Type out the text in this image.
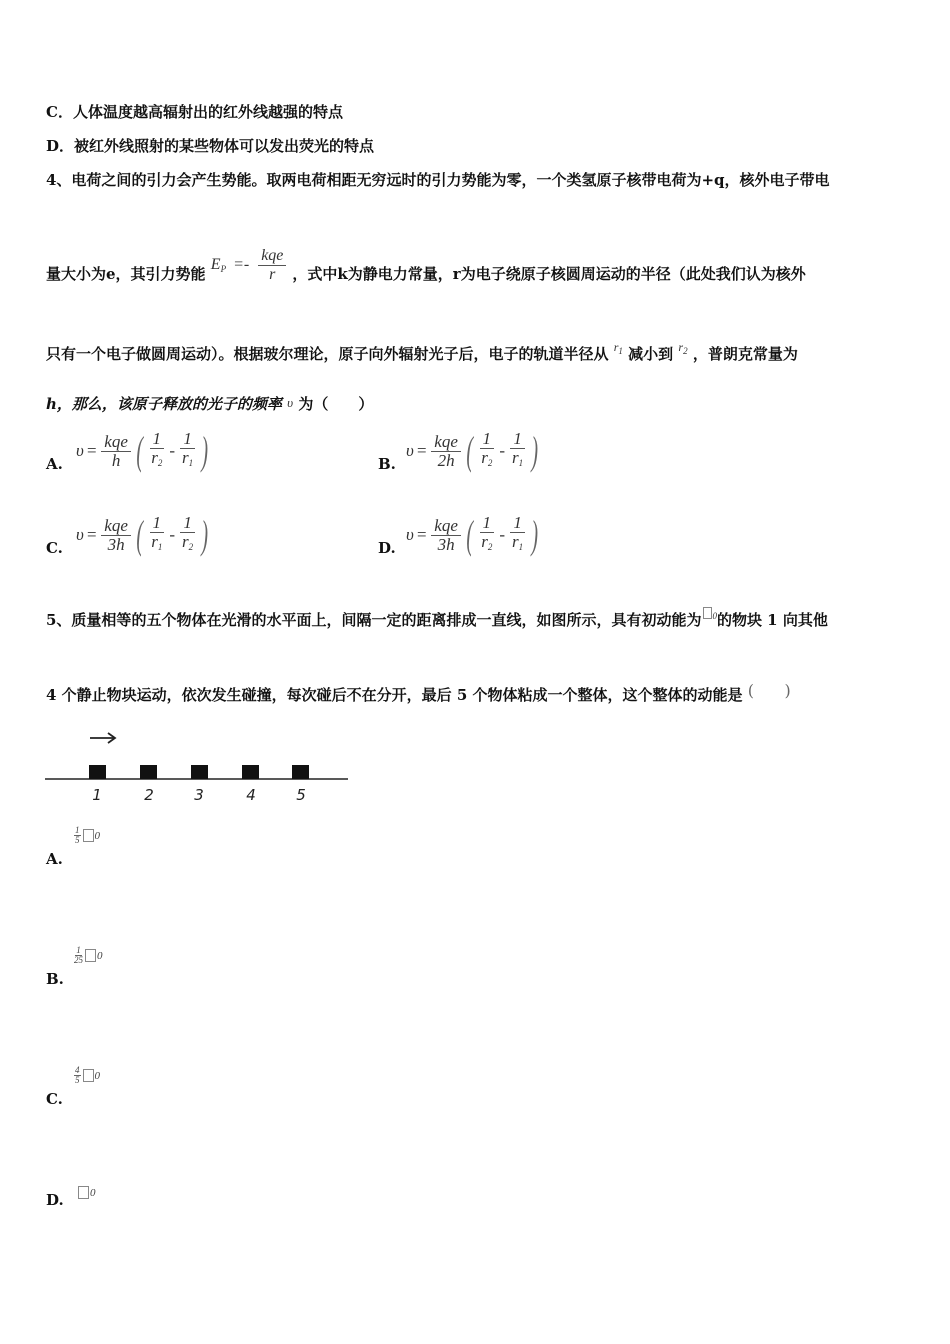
C．人体温度越高辐射出的红外线越强的特点
D．被红外线照射的某些物体可以发出荧光的特点
4、电荷之间的引力会产生势能。取两电荷相距无穷远时的引力势能为零，一个类氢原子核带电荷为+q，核外电子带电
量大小为e，其引力势能 $E_P =- \frac{\text{kqe}}{r}$ ，式中k为静电力常量，r为电子绕原子核圆周运动的半径（此处我们认为核外
只有一个电子做圆周运动）。根据玻尔理论，原子向外辐射光子后，电子的轨道半径从 $^{r_1}$ 减小到 $^{r_2}$ ，普朗克常量为
h，那么，该原子释放的光子的频率 υ 为（　　）
A.
$\upsilon = \frac{\text{kqe}}{h}$ ( $\frac{1}{r_2} - \frac{1}{r_1}$ )	B.
$\upsilon = \frac{\text{kqe}}{2h}$ ( $\frac{1}{r_2} - \frac{1}{r_1}$ )
C.
$\upsilon = \frac{\text{kqe}}{3h}$ ( $\frac{1}{r_1} - \frac{1}{r_2}$ )	D.
$\upsilon = \frac{\text{kqe}}{3h}$ ( $\frac{1}{r_2} - \frac{1}{r_1}$ )
5、质量相等的五个物体在光滑的水平面上，间隔一定的距离排成一直线，如图所示，具有初动能为 $^0$的物块 1 向其他
4 个静止物块运动，依次发生碰撞，每次碰后不在分开，最后 5 个物体粘成一个整体，这个整体的动能是 (      )
1	2	3	4	5
1
5 0
A.
1
25 0
B.
4
5 0
C.
0
D.
